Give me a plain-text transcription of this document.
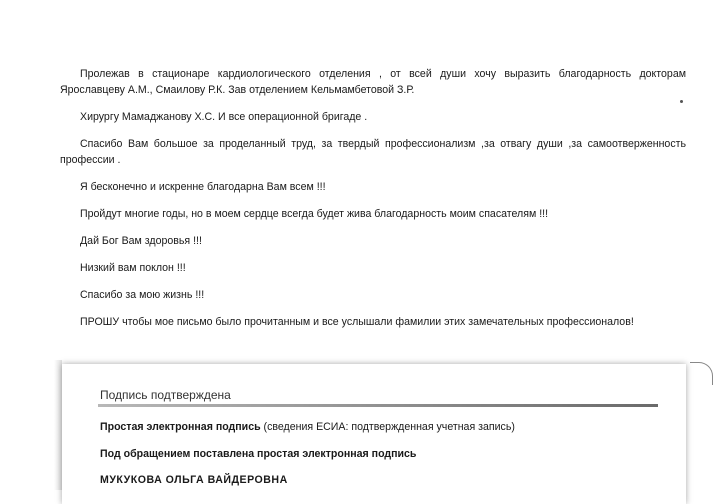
Пролежав в стационаре кардиологического отделения , от всей души хочу выразить благодарность докторам Ярославцеву А.М., Смаилову Р.К. Зав отделением Кельмамбетовой З.Р.

Хирургу Мамаджанову Х.С. И все операционной бригаде .

Спасибо Вам большое за проделанный труд, за твердый профессионализм ,за отвагу души ,за самоотверженность профессии .

Я бесконечно и искренне благодарна Вам всем !!!

Пройдут многие годы, но в моем сердце всегда будет жива благодарность моим спасателям !!!

Дай Бог Вам здоровья !!!

Низкий вам поклон !!!

Спасибо за мою жизнь !!!

ПРОШУ чтобы мое письмо было прочитанным и все услышали фамилии этих замечательных профессионалов!

Подпись подтверждена
Простая электронная подпись (сведения ЕСИА: подтвержденная учетная запись)
Под обращением поставлена простая электронная подпись
МУКУКОВА ОЛЬГА ВАЙДЕРОВНА
